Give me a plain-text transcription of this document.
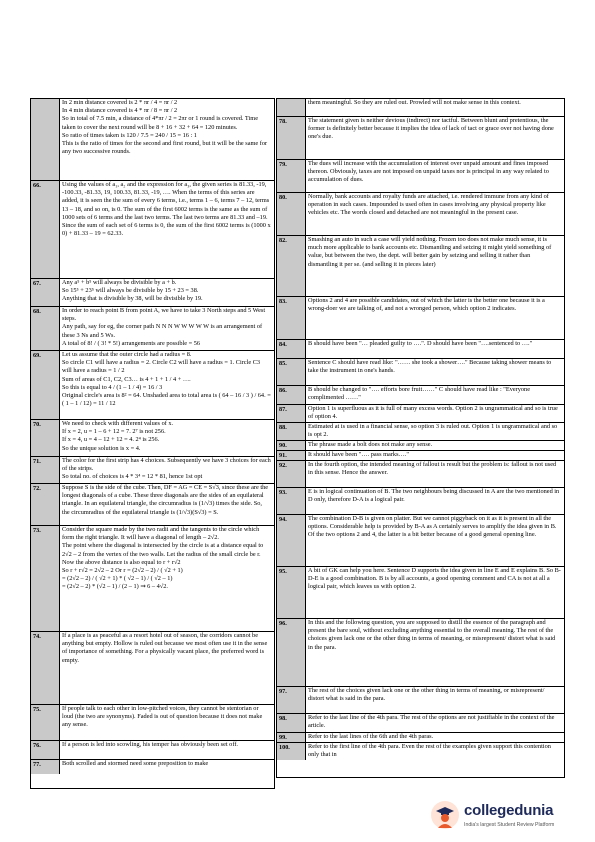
In 2 min distance covered is 2 * πr / 4 = πr / 2
In 4 min distance covered is 4 * πr / 8 = πr / 2
So in total of 7.5 min, a distance of 4*πr / 2 = 2πr or 1 round is covered. Time taken to cover the next round will be 8 + 16 + 32 + 64 = 120 minutes.
So ratio of times taken is 120 / 7.5 = 240 / 15 = 16 : 1
This is the ratio of times for the second and first round, but it will be the same for any two successive rounds.
66.	Using the values of a₁, a₂ and the expression for a₃, the given series is 81.33, -19, -100.33, -81.33, 19, 100.33, 81.33, -19, …. When the terms of this series are added, it is seen the the sum of every 6 terms, i.e., terms 1 – 6, terms 7 – 12, terms 13 – 18, and so on, is 0. The sum of the first 6002 terms is the same as the sum of 1000 sets of 6 terms and the last two terms. The last two terms are 81.33 and –19. Since the sum of each set of 6 terms is 0, the sum of the first 6002 terms is (1000 x 0) + 81.33 – 19 = 62.33.
67.	Any a⁵ + b⁵ will always be divisible by a + b.
So 15⁵ + 23⁵ will always be divisible by 15 + 23 = 38.
Anything that is divisible by 38, will be divisible by 19.
68.	In order to reach point B from point A, we have to take 3 North steps and 5 West steps.
Any path, say for eg, the corner path N N N W W W W W is an arrangement of these 3 Ns and 5 Ws.
A total of 8! / ( 3! * 5!) arrangements are possible = 56
69.	Let us assume that the outer circle had a radius = 8.
So circle C1 will have a radius = 2. Circle C2 will have a radius = 1. Circle C3 will have a radius = 1 / 2
Sum of areas of C1, C2, C3… is 4 + 1 + 1 / 4 + ….
So this is equal to 4 / (1 – 1 / 4) = 16 / 3
Original circle's area is 8² = 64. Unshaded area to total area is ( 64 – 16 / 3 ) / 64. = ( 1 – 1 / 12) = 11 / 12
70.	We need to check with different values of x.
If x = 2, u = 1 – 6 + 12 = 7. 2⁷ is not 256.
If x = 4, u = 4 – 12 + 12 = 4. 2⁴ is 256.
So the unique solution is x = 4.
71.	The color for the first strip has 4 choices. Subsequently we have 3 choices for each of the strips.
So total no. of choices is 4 * 3⁴ = 12 * 81, hence 1st opt
72.	Suppose S is the side of the cube. Then, DF = AG = CE = S√3, since these are the longest diagonals of a cube. These three diagonals are the sides of an equilateral triangle. In an equilateral triangle, the circumradius is (1/√3) times the side. So, the circumradius of the equilateral triangle is (1/√3)(S√3) = S.
73.	Consider the square made by the two radii and the tangents to the circle which form the right triangle. It will have a diagonal of length – 2√2.
The point where the diagonal is intersected by the circle is at a distance equal to 2√2 – 2 from the vertex of the two walls. Let the radius of the small circle be r.
Now the above distance is also equal to r + r√2
So r + r√2 = 2√2 – 2 Or r = (2√2 – 2) / ( √2 + 1)
= (2√2 – 2) / ( √2 + 1) * ( √2 – 1) / ( √2 – 1)
= (2√2 – 2) * (√2 – 1) / (2 – 1) ⇒ 6 – 4√2.
74.	If a place is as peaceful as a resort hotel out of season, the corridors cannot be anything but empty. Hollow is ruled out because we most often use it in the sense of importance of something. For a physically vacant place, the preferred word is empty.
75.	If people talk to each other in low-pitched voices, they cannot be stentorian or loud (the two are synonyms). Faded is out of question because it does not make any sense.
76.	If a person is led into scowling, his temper has obviously been set off.
77.	Both scrolled and stormed need some preposition to make
them meaningful. So they are ruled out. Prowled will not make sense in this context.
78.	The statement given is neither devious (indirect) nor tactful. Between blunt and pretentious, the former is definitely better because it implies the idea of lack of tact or grace over not having done one's due.
79.	The dues will increase with the accumulation of interest over unpaid amount and fines imposed thereon. Obviously, taxes are not imposed on unpaid taxes nor is principal in any way related to accumulation of dues.
80.	Normally, bank accounts and royalty funds are attached, i.e. rendered immune from any kind of operation in such cases. Impounded is used often in cases involving any physical property like vehicles etc. The words closed and detached are not meaningful in the present case.
82.	Smashing an auto in such a case will yield nothing. Frozen too does not make much sense, it is much more applicable to bank accounts etc. Dismantling and seizing it might yield something of value, but between the two, the dept. will better gain by seizing and selling it rather than dismantling it per se. (and selling it in pieces later)
83.	Options 2 and 4 are possible candidates, out of which the latter is the better one because it is a wrong-doer we are talking of, and not a wronged person, which option 2 indicates.
84.	B should have been "… pleaded guilty to ….". D should have been "….sentenced to …."
85.	Sentence C should have read like: "…… she took a shower…." Because taking shower means to take the instrument in one's hands.
86.	B should be changed to "…. efforts bore fruit……" C should have read like : "Everyone complimented ……"
87.	Option 1 is superfluous as it is full of many excess words. Option 2 is ungrammatical and so is true of option 4.
88.	Estimated at is used in a financial sense, so option 3 is ruled out. Option 1 is ungrammatical and so is opt 2.
90.	The phrase made a bolt does not make any sense.
91.	It should have been "…. pass marks…."
92.	In the fourth option, the intended meaning of fallout is result but the problem is: fallout is not used in this sense. Hence the answer.
93.	E is in logical continuation of B. The two neighbours being discussed in A are the two mentioned in D only, therefore D-A is a logical pair.
94.	The combination D-B is given on platter. But we cannot piggyback on it as it is present in all the options. Considerable help is provided by B-A as A certainly serves to amplify the idea given in B. Of the two options 2 and 4, the latter is a bit better because of a good general opening line.
95.	A bit of GK can help you here. Sentence D supports the idea given in line E and E explains B. So B-D-E is a good combination. B is by all accounts, a good opening comment and CA is not at all a logical pair, which leaves us with option 2.
96.	In this and the following question, you are supposed to distill the essence of the paragraph and present the bare soul, without excluding anything essential to the overall meaning. The rest of the choices given lack one or the other thing in terms of meaning, or misrepresent/ distort what is said in the para.
97.	The rest of the choices given lack one or the other thing in terms of meaning, or misrepresent/ distort what is said in the para.
98.	Refer to the last line of the 4th para. The rest of the options are not justifiable in the context of the article.
99.	Refer to the last lines of the 6th and the 4th paras.
100.	Refer to the first line of the 4th para. Even the rest of the examples given support this contention only that in
collegedunia
India's largest Student Review Platform
